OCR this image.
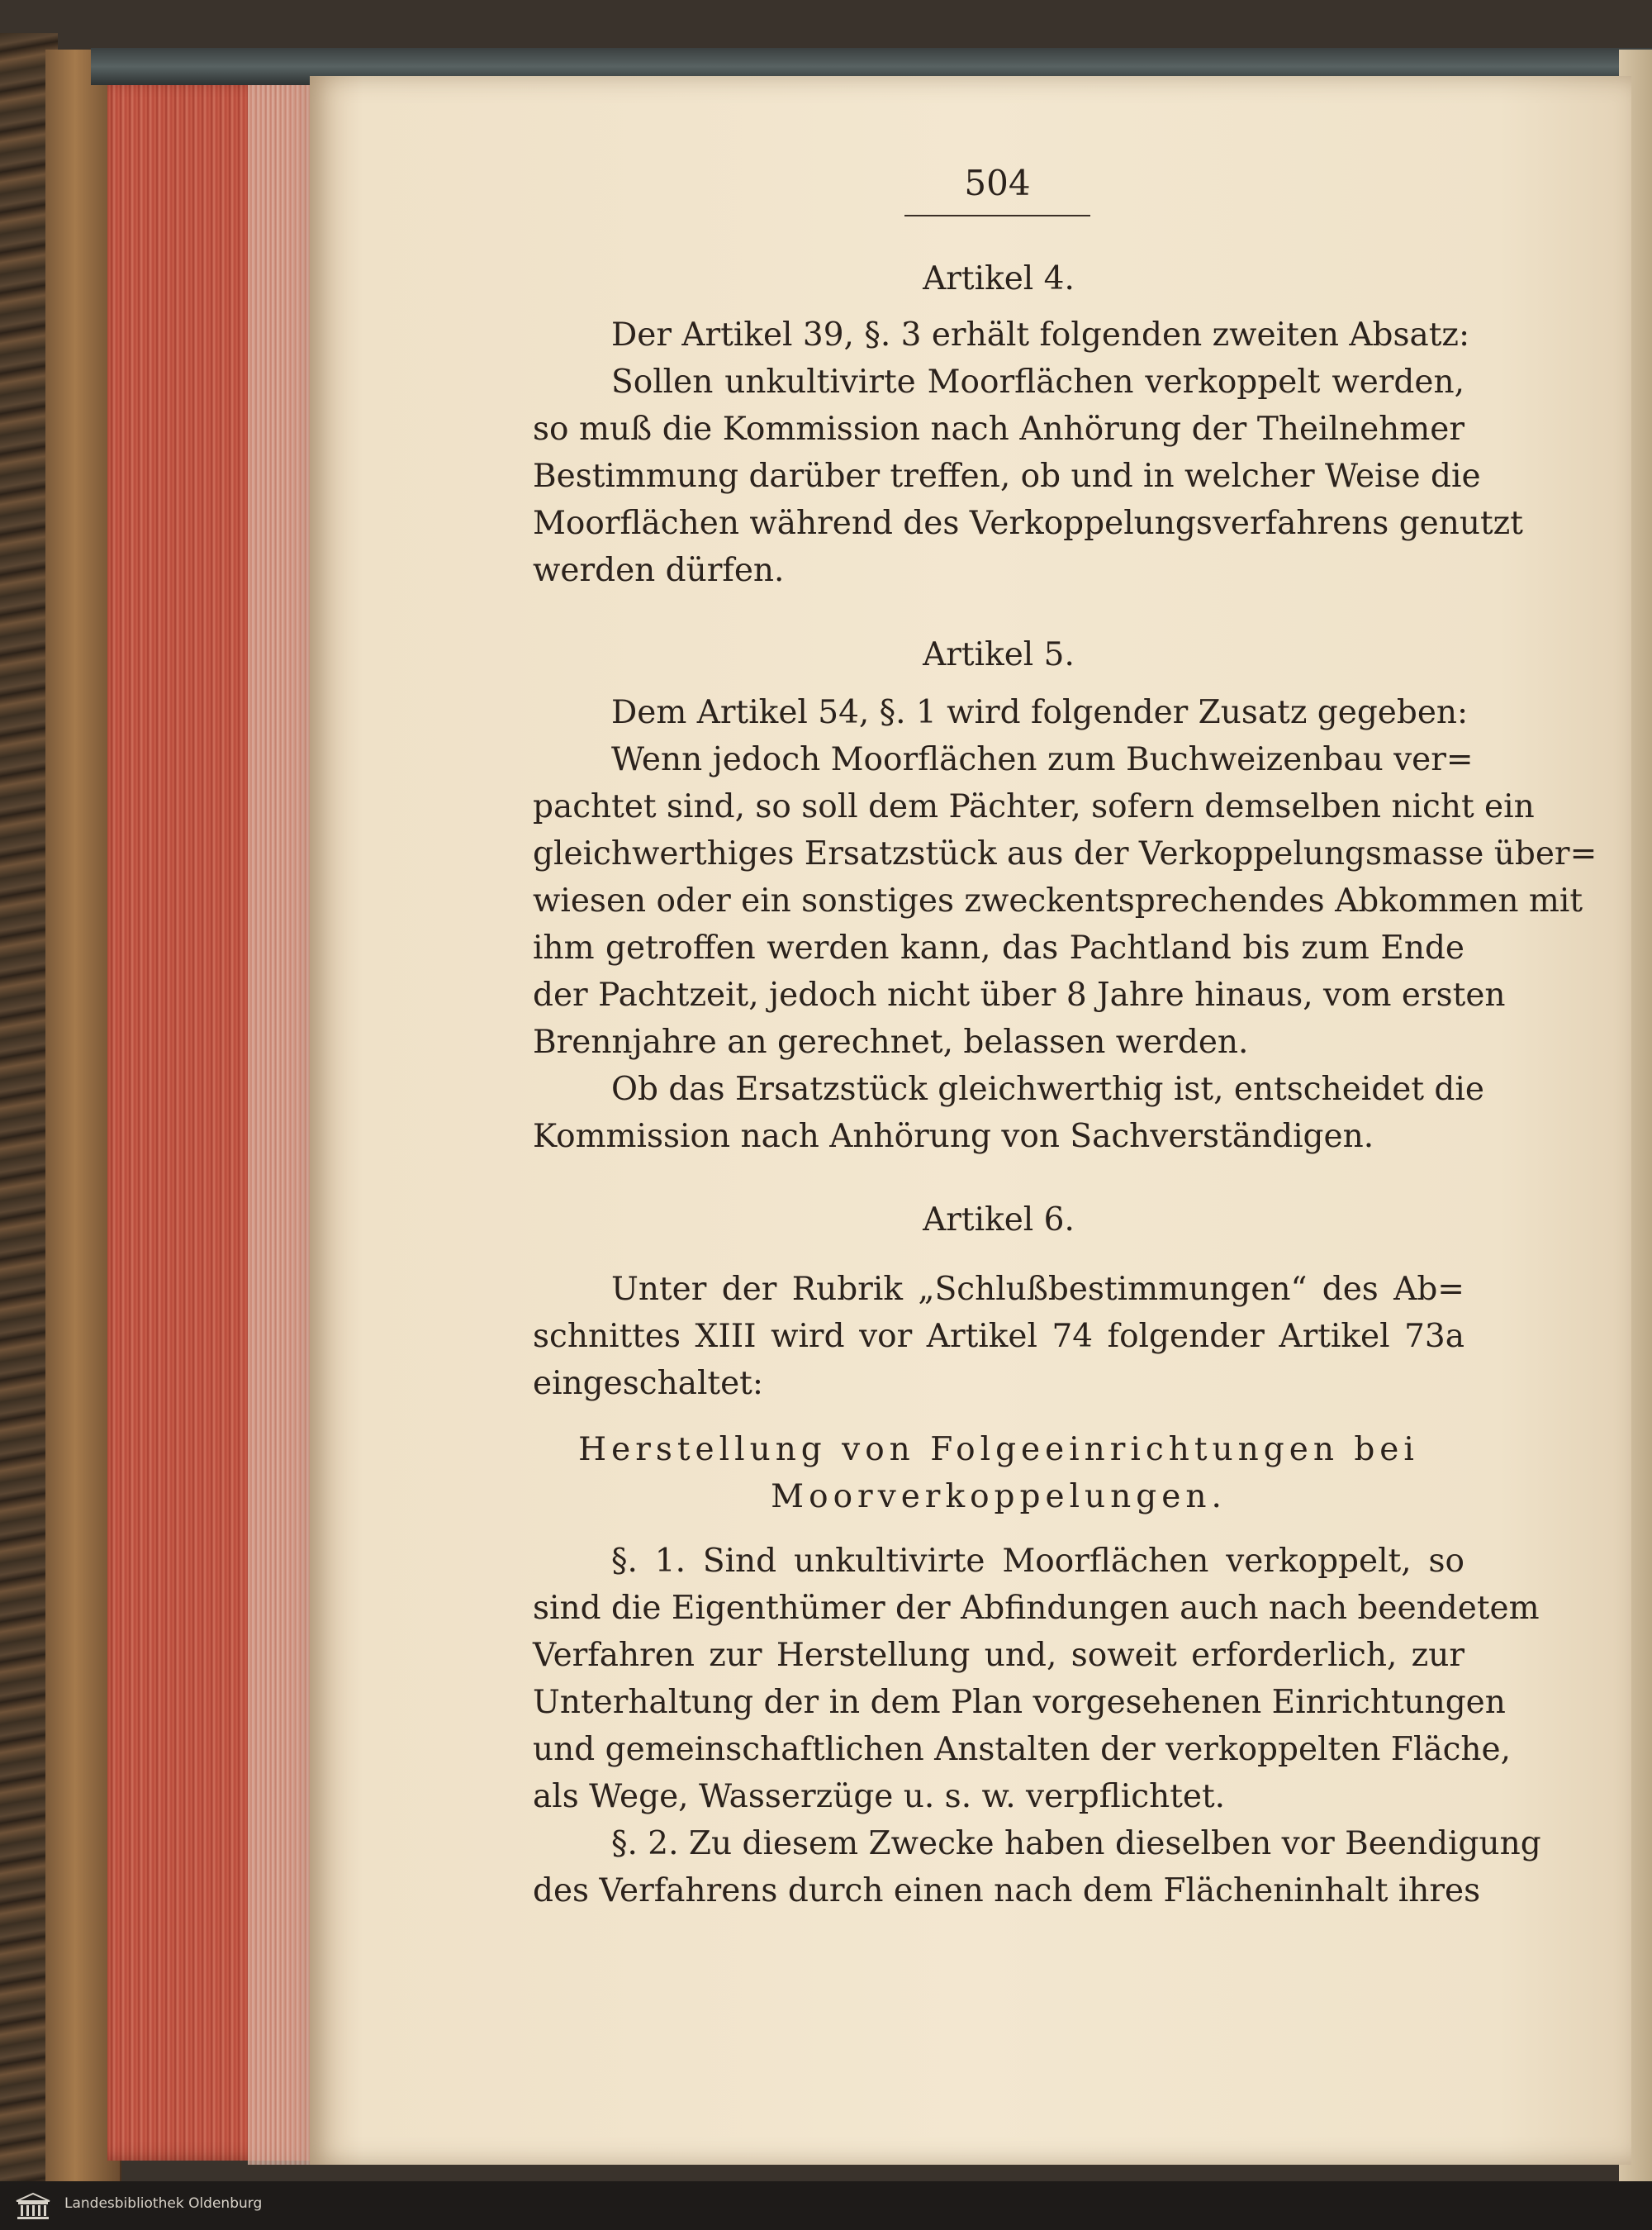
504
Artikel 4.
Der Artikel 39, §. 3 erhält folgenden zweiten Absatz:
Sollen unkultivirte Moorflächen verkoppelt werden,
so muß die Kommission nach Anhörung der Theilnehmer
Bestimmung darüber treffen, ob und in welcher Weise die
Moorflächen während des Verkoppelungsverfahrens genutzt
werden dürfen.
Artikel 5.
Dem Artikel 54, §. 1 wird folgender Zusatz gegeben:
Wenn jedoch Moorflächen zum Buchweizenbau ver=
pachtet sind, so soll dem Pächter, sofern demselben nicht ein
gleichwerthiges Ersatzstück aus der Verkoppelungsmasse über=
wiesen oder ein sonstiges zweckentsprechendes Abkommen mit
ihm getroffen werden kann, das Pachtland bis zum Ende
der Pachtzeit, jedoch nicht über 8 Jahre hinaus, vom ersten
Brennjahre an gerechnet, belassen werden.
Ob das Ersatzstück gleichwerthig ist, entscheidet die
Kommission nach Anhörung von Sachverständigen.
Artikel 6.
Unter der Rubrik „Schlußbestimmungen“ des Ab=
schnittes XIII wird vor Artikel 74 folgender Artikel 73a
eingeschaltet:
Herstellung von Folgeeinrichtungen bei
Moorverkoppelungen.
§. 1. Sind unkultivirte Moorflächen verkoppelt, so
sind die Eigenthümer der Abfindungen auch nach beendetem
Verfahren zur Herstellung und, soweit erforderlich, zur
Unterhaltung der in dem Plan vorgesehenen Einrichtungen
und gemeinschaftlichen Anstalten der verkoppelten Fläche,
als Wege, Wasserzüge u. s. w. verpflichtet.
§. 2. Zu diesem Zwecke haben dieselben vor Beendigung
des Verfahrens durch einen nach dem Flächeninhalt ihres
Landesbibliothek Oldenburg
